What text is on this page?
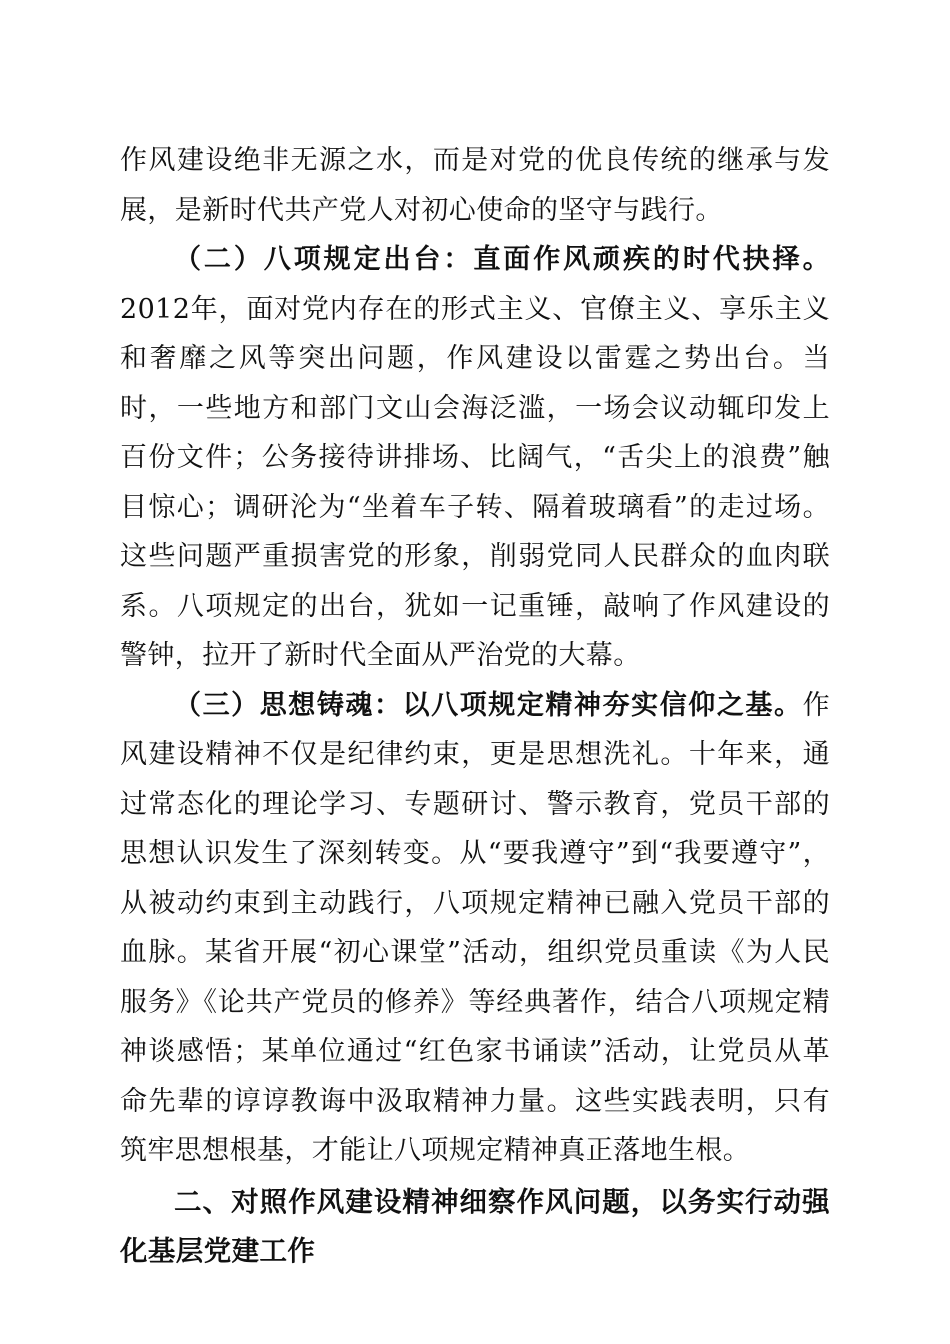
作风建设绝非无源之水，而是对党的优良传统的继承与发展，是新时代共产党人对初心使命的坚守与践行。

（二）八项规定出台：直面作风顽疾的时代抉择。2012年，面对党内存在的形式主义、官僚主义、享乐主义和奢靡之风等突出问题，作风建设以雷霆之势出台。当时，一些地方和部门文山会海泛滥，一场会议动辄印发上百份文件；公务接待讲排场、比阔气，“舌尖上的浪费”触目惊心；调研沦为“坐着车子转、隔着玻璃看”的走过场。这些问题严重损害党的形象，削弱党同人民群众的血肉联系。八项规定的出台，犹如一记重锤，敲响了作风建设的警钟，拉开了新时代全面从严治党的大幕。

（三）思想铸魂：以八项规定精神夯实信仰之基。作风建设精神不仅是纪律约束，更是思想洗礼。十年来，通过常态化的理论学习、专题研讨、警示教育，党员干部的思想认识发生了深刻转变。从“要我遵守”到“我要遵守”，从被动约束到主动践行，八项规定精神已融入党员干部的血脉。某省开展“初心课堂”活动，组织党员重读《为人民服务》《论共产党员的修养》等经典著作，结合八项规定精神谈感悟；某单位通过“红色家书诵读”活动，让党员从革命先辈的谆谆教诲中汲取精神力量。这些实践表明，只有筑牢思想根基，才能让八项规定精神真正落地生根。

二、对照作风建设精神细察作风问题，以务实行动强化基层党建工作
